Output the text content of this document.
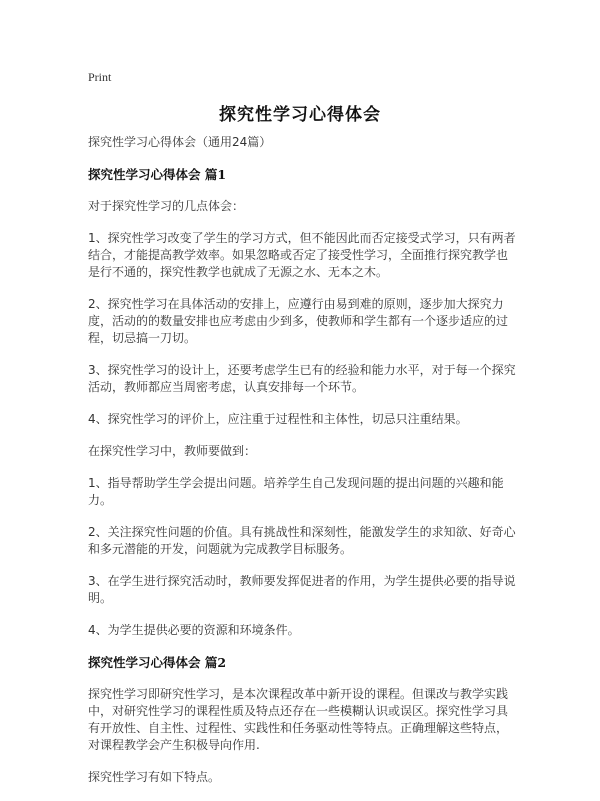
Print
探究性学习心得体会
探究性学习心得体会（通用24篇）
探究性学习心得体会 篇1
对于探究性学习的几点体会：
1、探究性学习改变了学生的学习方式，但不能因此而否定接受式学习，只有两者结合，才能提高教学效率。如果忽略或否定了接受性学习，全面推行探究教学也是行不通的，探究性教学也就成了无源之水、无本之木。
2、探究性学习在具体活动的安排上，应遵行由易到难的原则，逐步加大探究力度，活动的的数量安排也应考虑由少到多，使教师和学生都有一个逐步适应的过程，切忌搞一刀切。
3、探究性学习的设计上，还要考虑学生已有的经验和能力水平，对于每一个探究活动，教师都应当周密考虑，认真安排每一个环节。
4、探究性学习的评价上，应注重于过程性和主体性，切忌只注重结果。
在探究性学习中，教师要做到：
1、指导帮助学生学会提出问题。培养学生自己发现问题的提出问题的兴趣和能力。
2、关注探究性问题的价值。具有挑战性和深刻性，能激发学生的求知欲、好奇心和多元潜能的开发，问题就为完成教学目标服务。
3、在学生进行探究活动时，教师要发挥促进者的作用，为学生提供必要的指导说明。
4、为学生提供必要的资源和环境条件。
探究性学习心得体会 篇2
探究性学习即研究性学习，是本次课程改革中新开设的课程。但课改与教学实践中，对研究性学习的课程性质及特点还存在一些模糊认识或误区。探究性学习具有开放性、自主性、过程性、实践性和任务驱动性等特点。正确理解这些特点，对课程教学会产生积极导向作用.
探究性学习有如下特点。
